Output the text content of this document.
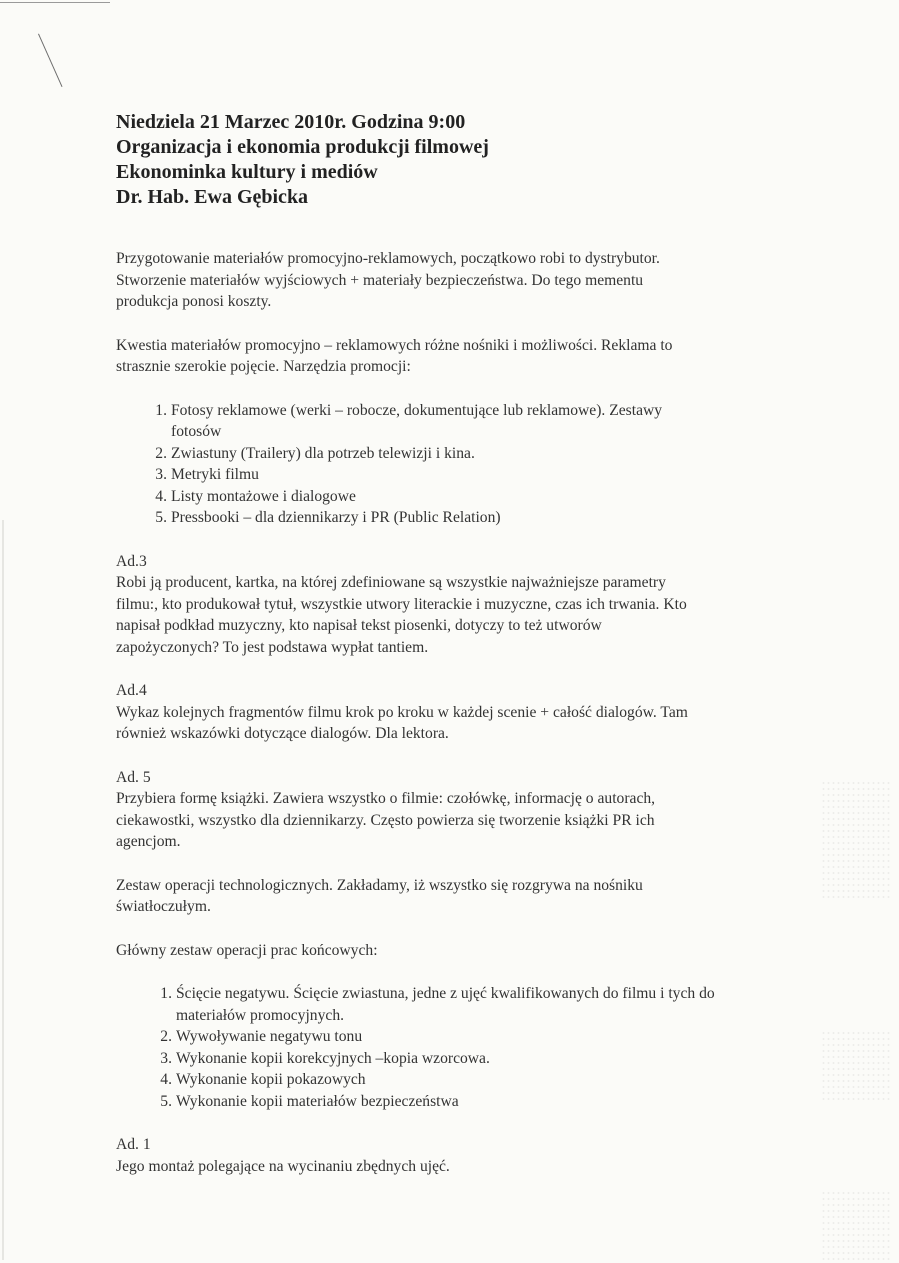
Niedziela 21 Marzec 2010r. Godzina 9:00
Organizacja i ekonomia produkcji filmowej
Ekonominka kultury i mediów
Dr. Hab. Ewa Gębicka
Przygotowanie materiałów promocyjno-reklamowych, początkowo robi to dystrybutor.
Stworzenie materiałów wyjściowych + materiały bezpieczeństwa. Do tego mementu
produkcja ponosi koszty.
Kwestia materiałów promocyjno – reklamowych różne nośniki i możliwości. Reklama to
strasznie szerokie pojęcie. Narzędzia promocji:
1. Fotosy reklamowe (werki – robocze, dokumentujące lub reklamowe). Zestawy
fotosów
2. Zwiastuny (Trailery) dla potrzeb telewizji i kina.
3. Metryki filmu
4. Listy montażowe i dialogowe
5. Pressbooki – dla dziennikarzy i PR (Public Relation)
Ad.3
Robi ją producent, kartka, na której zdefiniowane są wszystkie najważniejsze parametry
filmu:, kto produkował tytuł, wszystkie utwory literackie i muzyczne, czas ich trwania. Kto
napisał podkład muzyczny, kto napisał tekst piosenki, dotyczy to też utworów
zapożyczonych? To jest podstawa wypłat tantiem.
Ad.4
Wykaz kolejnych fragmentów filmu krok po kroku w każdej scenie + całość dialogów. Tam
również wskazówki dotyczące dialogów. Dla lektora.
Ad. 5
Przybiera formę książki. Zawiera wszystko o filmie: czołówkę, informację o autorach,
ciekawostki, wszystko dla dziennikarzy. Często powierza się tworzenie książki PR ich
agencjom.
Zestaw operacji technologicznych. Zakładamy, iż wszystko się rozgrywa na nośniku
światłoczułym.
Główny zestaw operacji prac końcowych:
1. Ścięcie negatywu. Ścięcie zwiastuna, jedne z ujęć kwalifikowanych do filmu i tych do
materiałów promocyjnych.
2. Wywoływanie negatywu tonu
3. Wykonanie kopii korekcyjnych –kopia wzorcowa.
4. Wykonanie kopii pokazowych
5. Wykonanie kopii materiałów bezpieczeństwa
Ad. 1
Jego montaż polegające na wycinaniu zbędnych ujęć.
